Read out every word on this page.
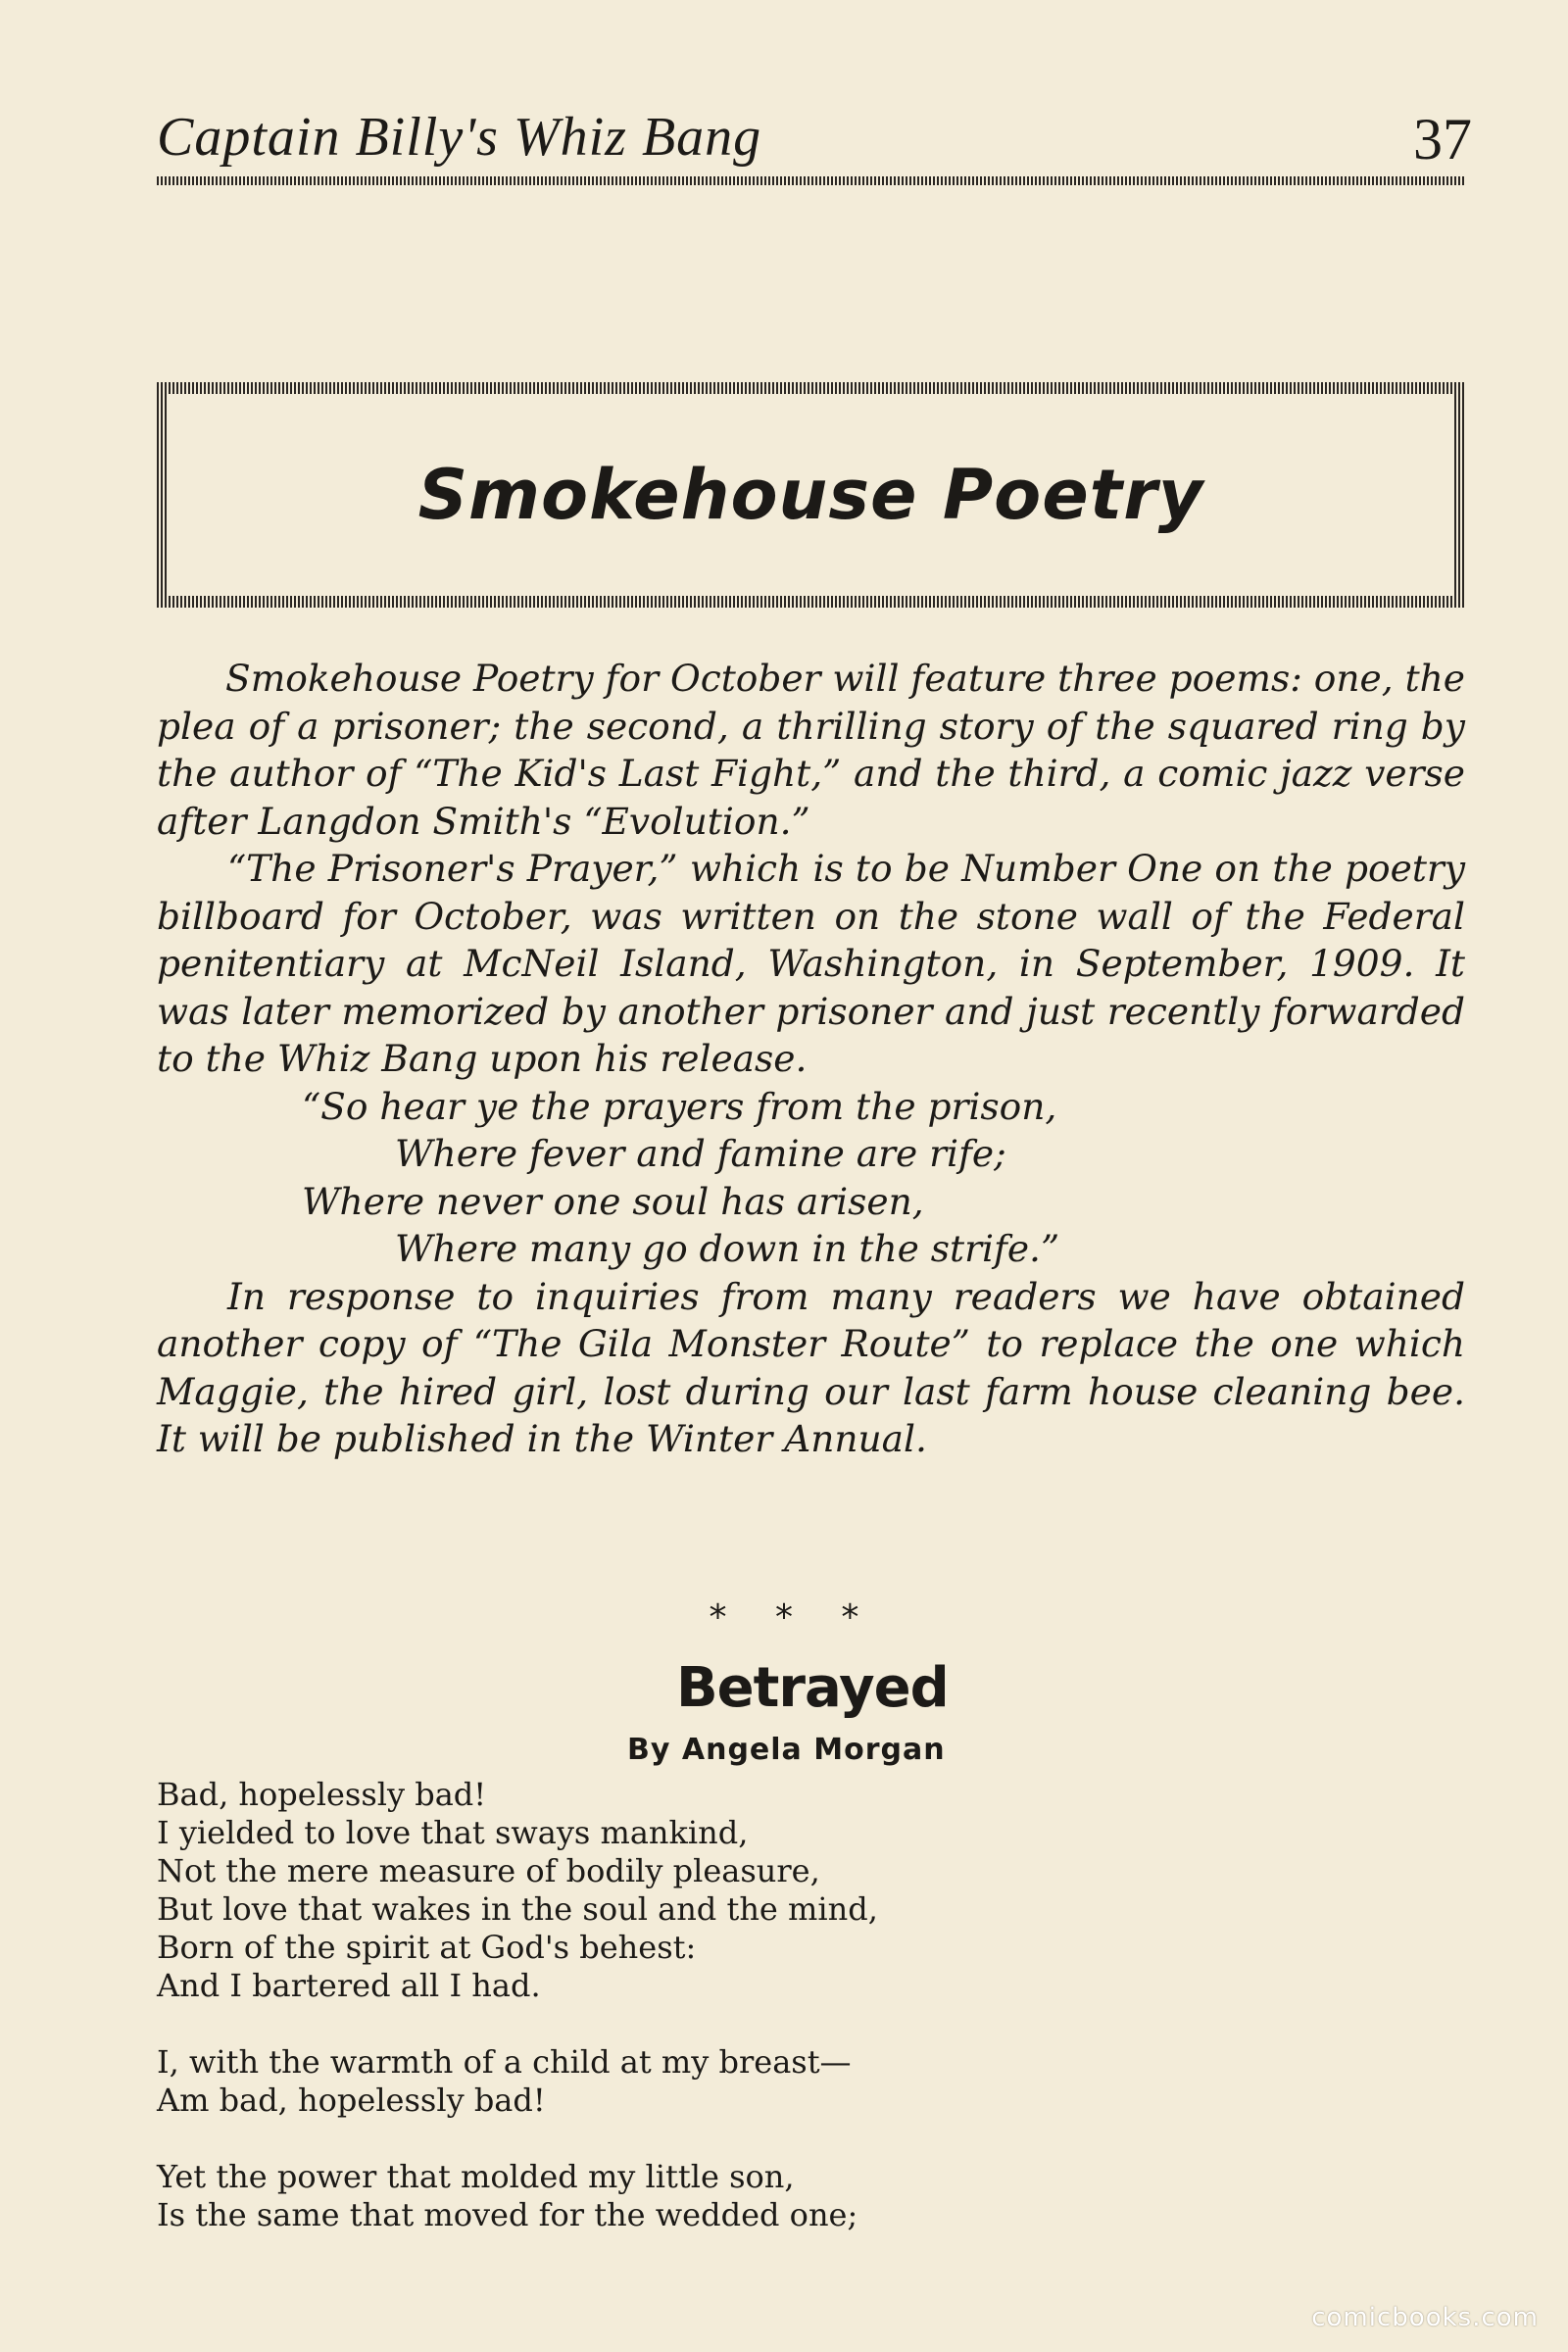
Captain Billy's Whiz Bang	37
Smokehouse Poetry

Smokehouse Poetry for October will feature three poems: one, the plea of a prisoner; the second, a thrilling story of the squared ring by the author of “The Kid's Last Fight,” and the third, a comic jazz verse after Langdon Smith's “Evolution.”

“The Prisoner's Prayer,” which is to be Number One on the poetry billboard for October, was written on the stone wall of the Federal penitentiary at McNeil Island, Washington, in September, 1909. It was later memorized by another prisoner and just recently forwarded to the Whiz Bang upon his release.

“So hear ye the prayers from the prison,
Where fever and famine are rife;
Where never one soul has arisen,
Where many go down in the strife.”

In response to inquiries from many readers we have obtained another copy of “The Gila Monster Route” to replace the one which Maggie, the hired girl, lost during our last farm house cleaning bee. It will be published in the Winter Annual.

* * *
Betrayed
By Angela Morgan
Bad, hopelessly bad!
I yielded to love that sways mankind,
Not the mere measure of bodily pleasure,
But love that wakes in the soul and the mind,
Born of the spirit at God's behest:
And I bartered all I had.
I, with the warmth of a child at my breast—
Am bad, hopelessly bad!
Yet the power that molded my little son,
Is the same that moved for the wedded one;
comicbooks.com
